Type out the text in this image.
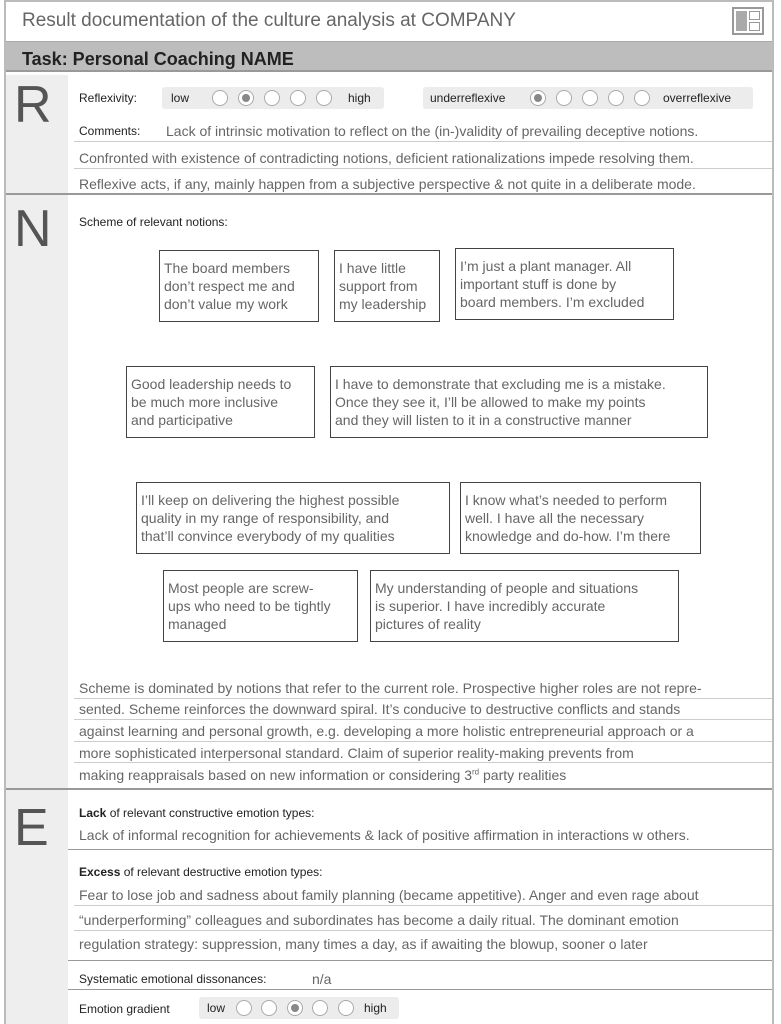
Result documentation of the culture analysis at COMPANY
Task: Personal Coaching NAME
R Reflexivity:	low	high	underreflexive	overreflexive
Comments: Lack of intrinsic motivation to reflect on the (in-)validity of prevailing deceptive notions.
Confronted with existence of contradicting notions, deficient rationalizations impede resolving them.
Reflexive acts, if any, mainly happen from a subjective perspective & not quite in a deliberate mode.
N Scheme of relevant notions:
The board members
don’t respect me and
don’t value my work
I have little
support from
my leadership
I’m just a plant manager. All
important stuff is done by
board members. I’m excluded
Good leadership needs to
be much more inclusive
and participative
I have to demonstrate that excluding me is a mistake.
Once they see it, I’ll be allowed to make my points
and they will listen to it in a constructive manner
I’ll keep on delivering the highest possible
quality in my range of responsibility, and
that’ll convince everybody of my qualities
I know what’s needed to perform
well. I have all the necessary
knowledge and do-how. I’m there
Most people are screw-
ups who need to be tightly
managed
My understanding of people and situations
is superior. I have incredibly accurate
pictures of reality
Scheme is dominated by notions that refer to the current role. Prospective higher roles are not repre-
sented. Scheme reinforces the downward spiral. It’s conducive to destructive conflicts and stands
against learning and personal growth, e.g. developing a more holistic entrepreneurial approach or a
more sophisticated interpersonal standard. Claim of superior reality-making prevents from
making reappraisals based on new information or considering 3rd party realities
E	Lack of relevant constructive emotion types:
Lack of informal recognition for achievements & lack of positive affirmation in interactions w others.
Excess of relevant destructive emotion types:
Fear to lose job and sadness about family planning (became appetitive). Anger and even rage about
“underperforming” colleagues and subordinates has become a daily ritual. The dominant emotion
regulation strategy: suppression, many times a day, as if awaiting the blowup, sooner o later
Systematic emotional dissonances:	n/a
Emotion gradient	low	high
